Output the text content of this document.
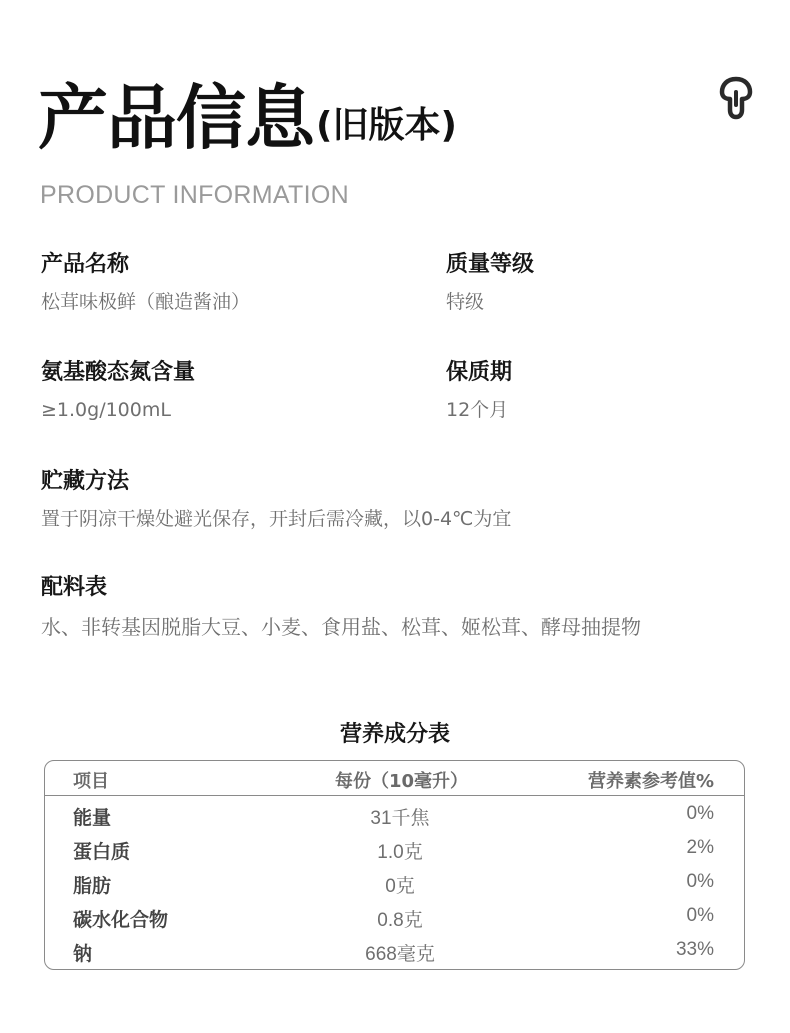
产品信息 (旧版本)
PRODUCT INFORMATION
产品名称
松茸味极鲜（酿造酱油）
质量等级
特级
氨基酸态氮含量
≥1.0g/100mL
保质期
12个月
贮藏方法
置于阴凉干燥处避光保存，开封后需冷藏，以0-4℃为宜
配料表
水、非转基因脱脂大豆、小麦、食用盐、松茸、姬松茸、酵母抽提物
营养成分表
项目	每份（10毫升）	营养素参考值%
能量	31千焦	0%
蛋白质	1.0克	2%
脂肪	0克	0%
碳水化合物	0.8克	0%
钠	668毫克	33%
